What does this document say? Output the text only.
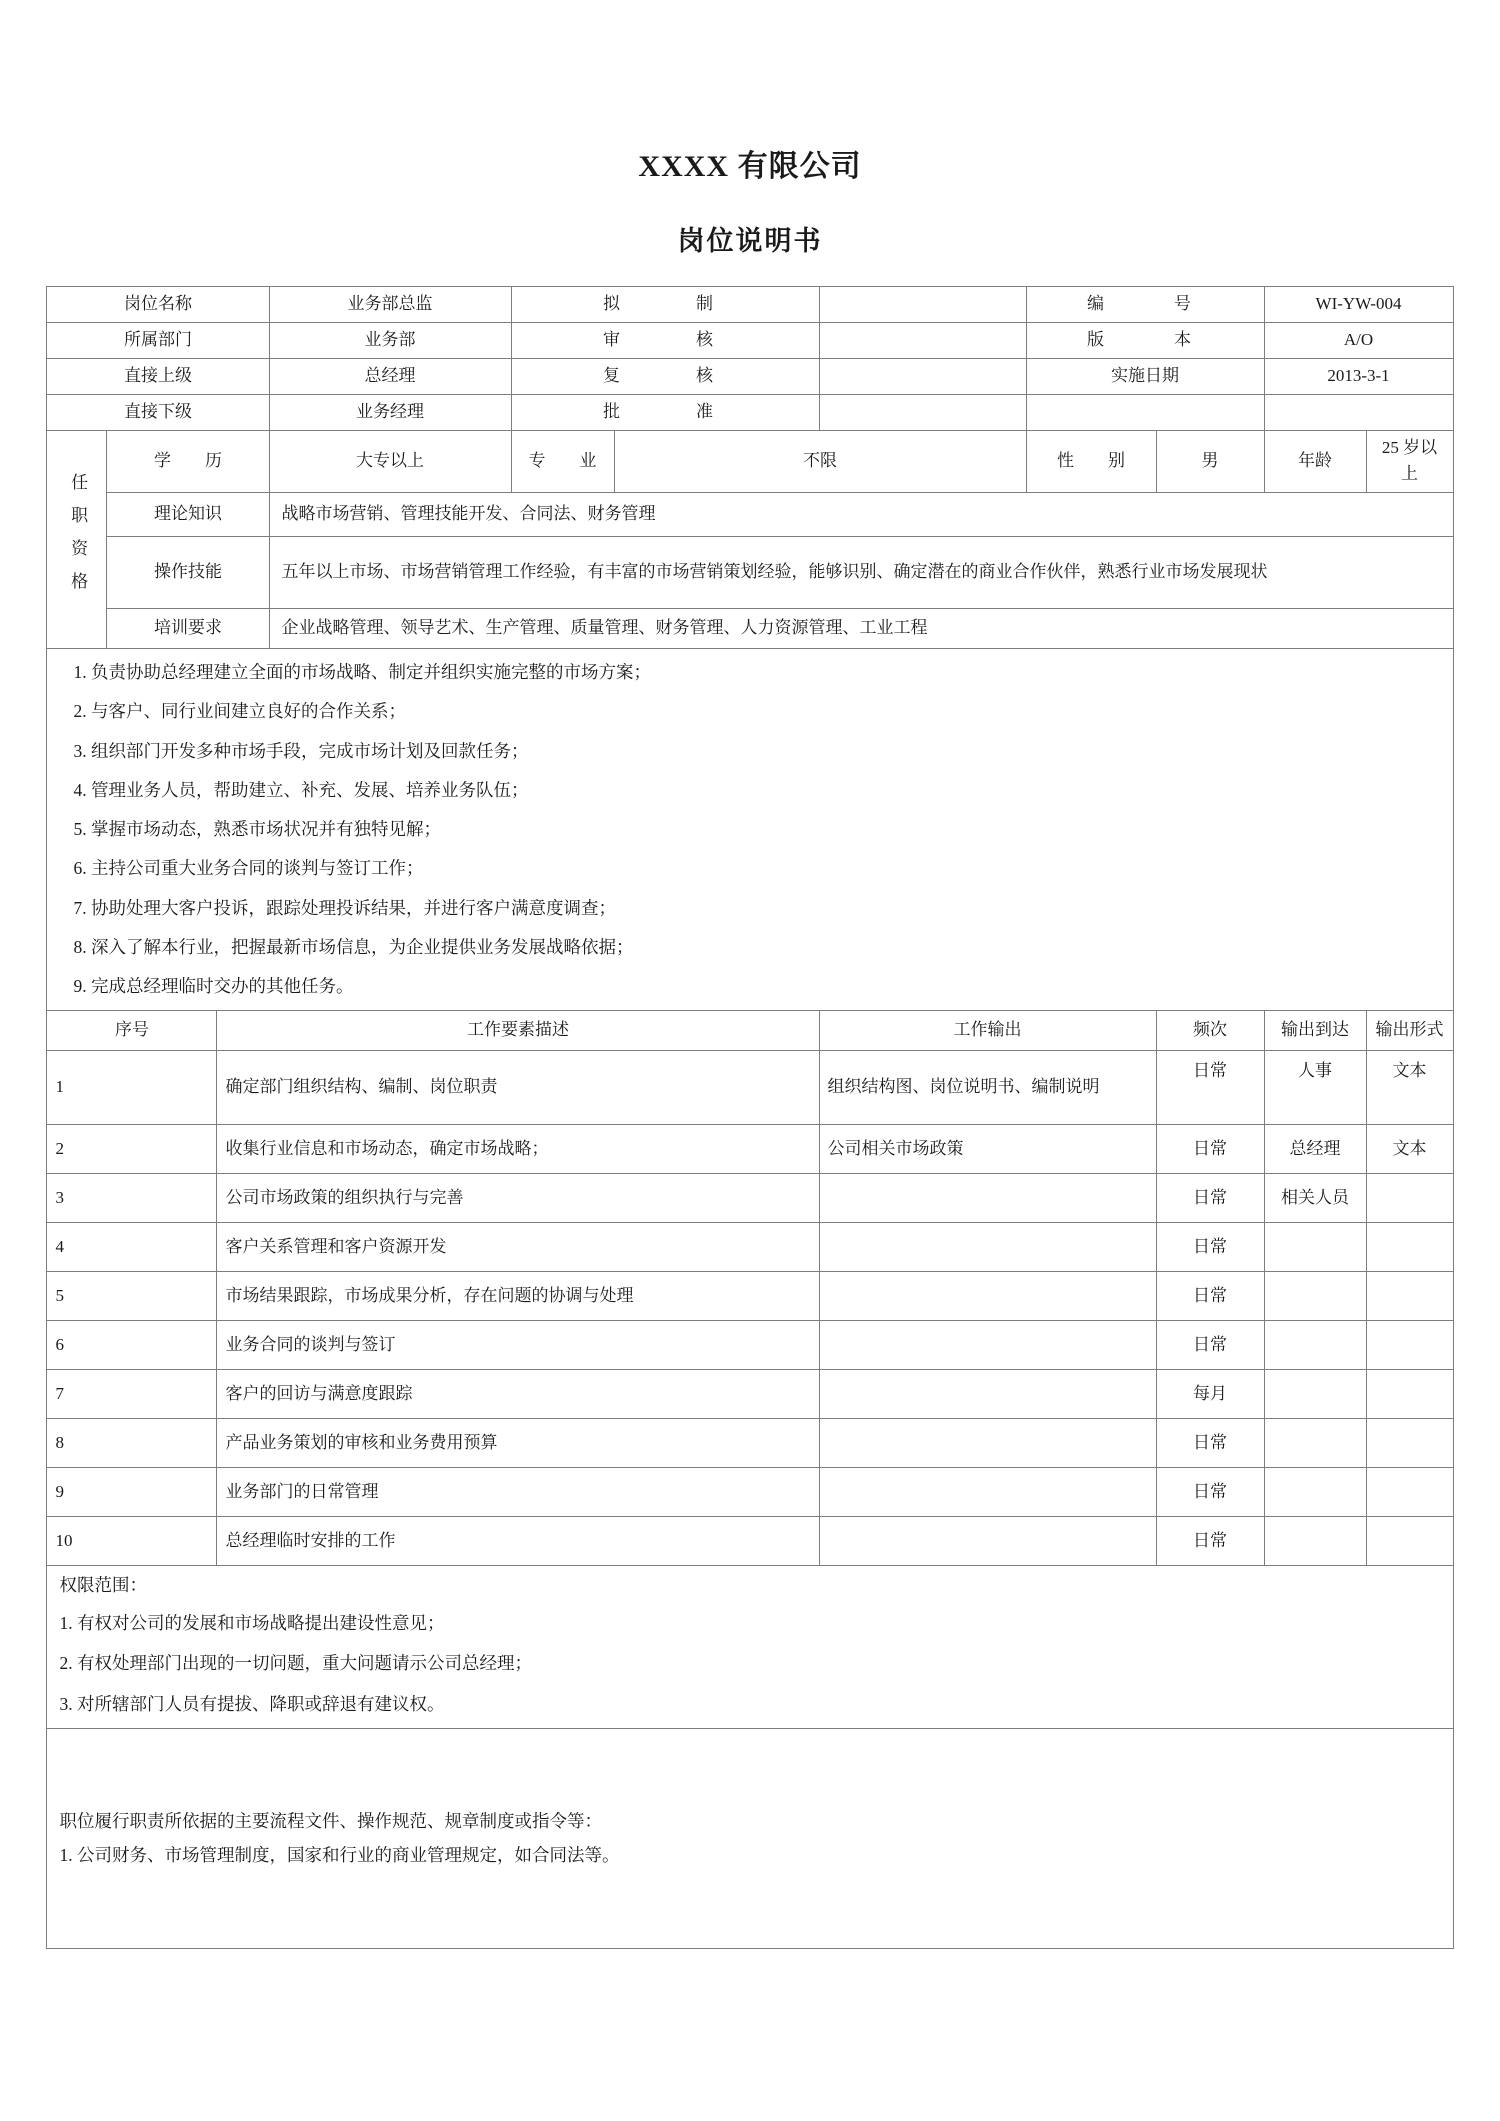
XXXX 有限公司
岗位说明书
岗位名称			业务部总监	拟　　制			编　　号		WI-YW-004	
所属部门			业务部	审　　核			版　　本		A/O	
直接上级			总经理	复　　核			实施日期		2013-3-1	
直接下级			业务经理	批　　准						
任职资格	学　　历		大专以上	专　　业	不限		性　　别	男	年龄	25 岁以上
	理论知识		战略市场营销、管理技能开发、合同法、财务管理							
	操作技能		五年以上市场、市场营销管理工作经验，有丰富的市场营销策划经验，能够识别、确定潜在的商业合作伙伴，熟悉行业市场发展现状							
	培训要求		企业战略管理、领导艺术、生产管理、质量管理、财务管理、人力资源管理、工业工程							

1. 负责协助总经理建立全面的市场战略、制定并组织实施完整的市场方案；
2. 与客户、同行业间建立良好的合作关系；
3. 组织部门开发多种市场手段，完成市场计划及回款任务；
4. 管理业务人员，帮助建立、补充、发展、培养业务队伍；
5. 掌握市场动态，熟悉市场状况并有独特见解；
6. 主持公司重大业务合同的谈判与签订工作；
7. 协助处理大客户投诉，跟踪处理投诉结果，并进行客户满意度调查；
8. 深入了解本行业，把握最新市场信息，为企业提供业务发展战略依据；
9. 完成总经理临时交办的其他任务。

序号		工作要素描述				工作输出		频次	输出到达	输出形式
1		确定部门组织结构、编制、岗位职责				组织结构图、岗位说明书、编制说明		日常	人事	文本
2		收集行业信息和市场动态，确定市场战略；				公司相关市场政策		日常	总经理	文本
3		公司市场政策的组织执行与完善						日常	相关人员	
4		客户关系管理和客户资源开发						日常		
5		市场结果跟踪，市场成果分析，存在问题的协调与处理						日常		
6		业务合同的谈判与签订						日常		
7		客户的回访与满意度跟踪						每月		
8		产品业务策划的审核和业务费用预算						日常		
9		业务部门的日常管理						日常		
10		总经理临时安排的工作						日常		

权限范围：
1. 有权对公司的发展和市场战略提出建设性意见；
2. 有权处理部门出现的一切问题，重大问题请示公司总经理；
3. 对所辖部门人员有提拔、降职或辞退有建议权。

职位履行职责所依据的主要流程文件、操作规范、规章制度或指令等：
1. 公司财务、市场管理制度，国家和行业的商业管理规定，如合同法等。										
